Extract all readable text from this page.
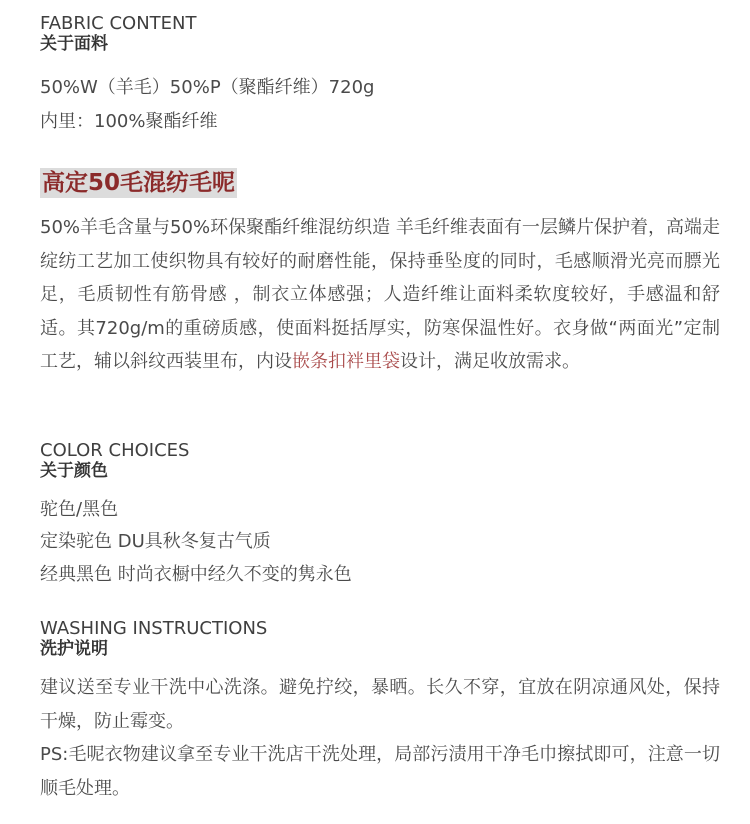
FABRIC CONTENT
关于面料
50%W（羊毛）50%P（聚酯纤维）720g
内里：100%聚酯纤维
高定50毛混纺毛呢
50%羊毛含量与50%环保聚酯纤维混纺织造 羊毛纤维表面有一层鳞片保护着，高端走绽纺工艺加工使织物具有较好的耐磨性能，保持垂坠度的同时，毛感顺滑光亮而膘光足，毛质韧性有筋骨感 ，制衣立体感强；人造纤维让面料柔软度较好，手感温和舒适。其720g/m的重磅质感，使面料挺括厚实，防寒保温性好。衣身做“两面光”定制工艺，辅以斜纹西装里布，内设嵌条扣袢里袋设计，满足收放需求。
COLOR CHOICES
关于颜色
驼色/黑色
定染驼色 DU具秋冬复古气质
经典黑色 时尚衣橱中经久不变的隽永色
WASHING INSTRUCTIONS
洗护说明
建议送至专业干洗中心洗涤。避免拧绞，暴晒。长久不穿，宜放在阴凉通风处，保持干燥，防止霉变。
PS:毛呢衣物建议拿至专业干洗店干洗处理，局部污渍用干净毛巾擦拭即可，注意一切顺毛处理。
